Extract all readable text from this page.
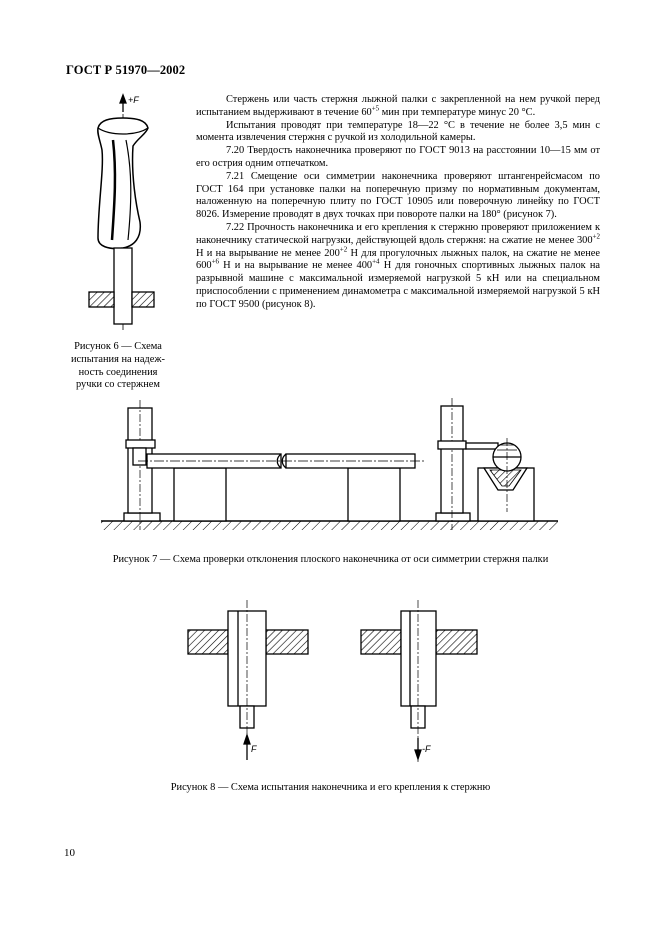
ГОСТ Р 51970—2002

Стержень или часть стержня лыжной палки с закрепленной на нем ручкой перед испытанием выдерживают в течение $60^{+5}$ мин при температуре минус 20 °С.

Испытания проводят при температуре 18—22 °С в течение не более 3,5 мин с момента извлечения стержня с ручкой из холодильной камеры.

7.20 Твердость наконечника проверяют по ГОСТ 9013 на расстоянии 10—15 мм от его острия одним отпечатком.

7.21 Смещение оси симметрии наконечника проверяют штангенрейсмасом по ГОСТ 164 при установке палки на поперечную призму по нормативным документам, наложенную на поперечную плиту по ГОСТ 10905 или поверочную линейку по ГОСТ 8026. Измерение проводят в двух точках при повороте палки на 180° (рисунок 7).

7.22 Прочность наконечника и его крепления к стержню проверяют приложением к наконечнику статической нагрузки, действующей вдоль стержня: на сжатие не менее $300^{+2}$ Н и на вырывание не менее $200^{+2}$ Н для прогулочных лыжных палок, на сжатие не менее $600^{+6}$ Н и на вырывание не менее $400^{+4}$ Н для гоночных спортивных лыжных палок на разрывной машине с максимальной измеряемой нагрузкой 5 кН или на специальном приспособлении с применением динамометра с максимальной измеряемой нагрузкой 5 кН по ГОСТ 9500 (рисунок 8).

+F
F	-F
Рисунок 6 — Схема
испытания на надеж-
ность соединения
ручки со стержнем
Рисунок 7 — Схема проверки отклонения плоского наконечника от оси симметрии стержня палки
Рисунок 8 — Схема испытания наконечника и его крепления к стержню
10
